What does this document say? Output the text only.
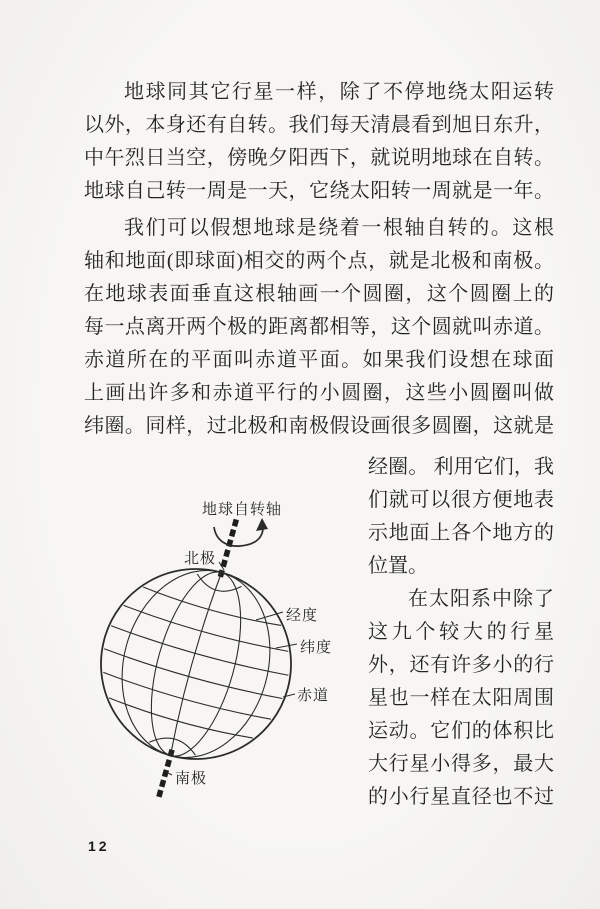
地球同其它行星一样，除了不停地绕太阳运转
以外，本身还有自转。我们每天清晨看到旭日东升，
中午烈日当空，傍晚夕阳西下，就说明地球在自转。
地球自己转一周是一天，它绕太阳转一周就是一年。
我们可以假想地球是绕着一根轴自转的。这根
轴和地面(即球面)相交的两个点，就是北极和南极。
在地球表面垂直这根轴画一个圆圈，这个圆圈上的
每一点离开两个极的距离都相等，这个圆就叫赤道。
赤道所在的平面叫赤道平面。如果我们设想在球面
上画出许多和赤道平行的小圆圈，这些小圆圈叫做
纬圈。同样，过北极和南极假设画很多圆圈，这就是
经圈。 利用它们，我
们就可以很方便地表
示地面上各个地方的
位置。
在太阳系中除了
这九个较大的行星
外，还有许多小的行
星也一样在太阳周围
运动。它们的体积比
大行星小得多，最大
的小行星直径也不过
地球自转轴
北极
经度
纬度
赤道
南极
12
